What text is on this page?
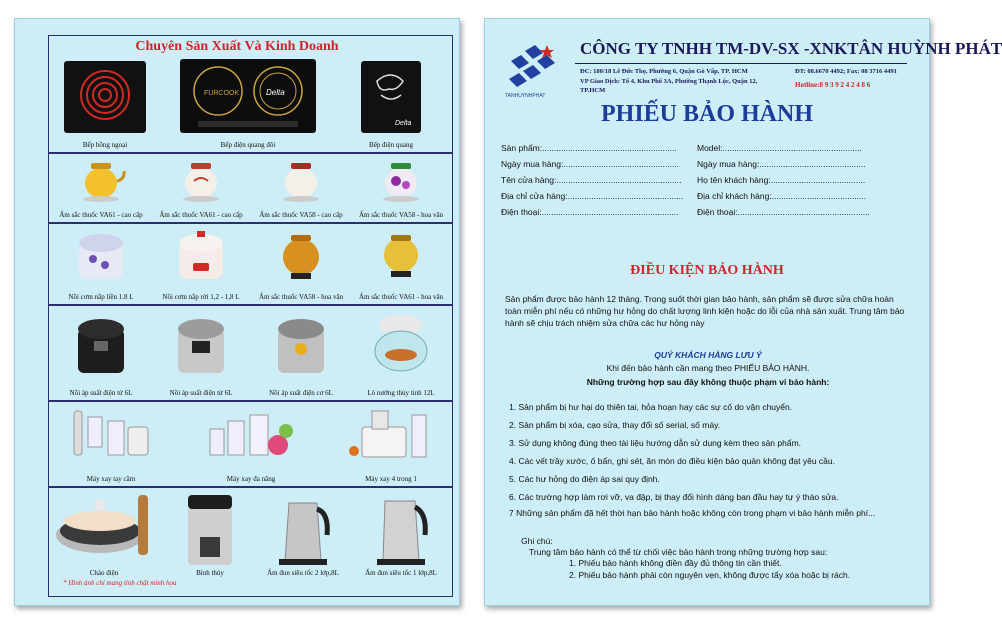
Chuyên Sản Xuất Và Kinh Doanh
Bếp hồng ngoại
FURCOOK	Delta
Bếp điện quang đôi
Delta
Bếp điện quang
Ấm sắc thuốc VA61 - cao cấp	Ấm sắc thuốc VA61 - cao cấp	Ấm sắc thuốc VA58 - cao cấp	Ấm sắc thuốc VA58 - hoa văn
Nồi cơm nắp liền 1.8 L	Nồi cơm nắp rời 1,2 - 1,8 L	Ấm sắc thuốc VA58 - hoa văn	Ấm sắc thuốc VA61 - hoa văn
Nồi áp suất điện tử 6L	Nồi áp suất điện tử 6L	Nồi áp suất điện cơ 6L	Lò nướng thủy tinh 12L
Máy xay tay cầm	Máy xay đa năng	Máy xay 4 trong 1
Chảo điện	Bình thủy	Ấm đun siêu tốc 2 lớp,8L	Ấm đun siêu tốc 1 lớp,8L
* Hình ảnh chỉ mang tính chất minh họa
TANHUYNHPHAT
CÔNG TY TNHH TM-DV-SX -XNKTÂN HUỲNH PHÁT
ĐC: 180/18 Lê Đức Thọ, Phường 6, Quận Gò Vấp, TP. HCM
VP Giao Dịch: Tổ 4, Khu Phố 3A, Phường Thạnh Lộc, Quận 12,
TP.HCM
ĐT: 08.6670 4492; Fax: 08 3716 4491
Hotline:0 9 3 9 2 4 2 4 8 6
PHIẾU BẢO HÀNH
Sản phẩm:.........................................................	Model:...........................................................
Ngày mua hàng:.................................................	Ngày mua hàng:.............................................
Tên cửa hàng:.....................................................	Họ tên khách hàng:........................................
Địa chỉ cửa hàng:.................................................	Địa chỉ khách hàng:........................................
Điện thoại:..........................................................	Điện thoại:........................................................
ĐIỀU KIỆN BẢO HÀNH
Sản phẩm được bảo hành 12 tháng. Trong suốt thời gian bảo hành, sản phẩm sẽ được sửa chữa hoàn toàn miễn phí nếu có những hư hỏng do chất lượng linh kiện hoặc do lỗi của nhà sản xuất. Trung tâm bảo hành sẽ chịu trách nhiệm sửa chữa các hư hỏng này
QUÝ KHÁCH HÀNG LƯU Ý
Khi đến bảo hành cần mang theo PHIẾU BẢO HÀNH.
Những trường hợp sau đây không thuộc phạm vi bảo hành:
1. Sản phẩm bị hư hại do thiên tai, hỏa hoạn hay các sự cố do vận chuyển.
2. Sản phẩm bị xóa, cạo sửa, thay đổi số serial, số máy.
3. Sử dụng không đúng theo tài liệu hướng dẫn sử dụng kèm theo sản phẩm.
4. Các vết trầy xước, ố bẩn, ghi sét, ăn mòn do điều kiện bảo quản không đạt yêu cầu.
5. Các hư hỏng do điện áp sai quy định.
6. Các trường hợp làm rơi vỡ, va đập, bị thay đổi hình dáng ban đầu hay tự ý tháo sửa.
7 Những sản phẩm đã hết thời hạn bảo hành hoặc không còn trong phạm vi bảo hành miễn phí...
Ghi chú:
Trung tâm bảo hành có thể từ chối việc bảo hành trong những trường hợp sau:
1. Phiếu bảo hành không điền đầy đủ thông tin cần thiết.
2. Phiếu bảo hành phải còn nguyên vẹn, không được tẩy xóa hoặc bị rách.
